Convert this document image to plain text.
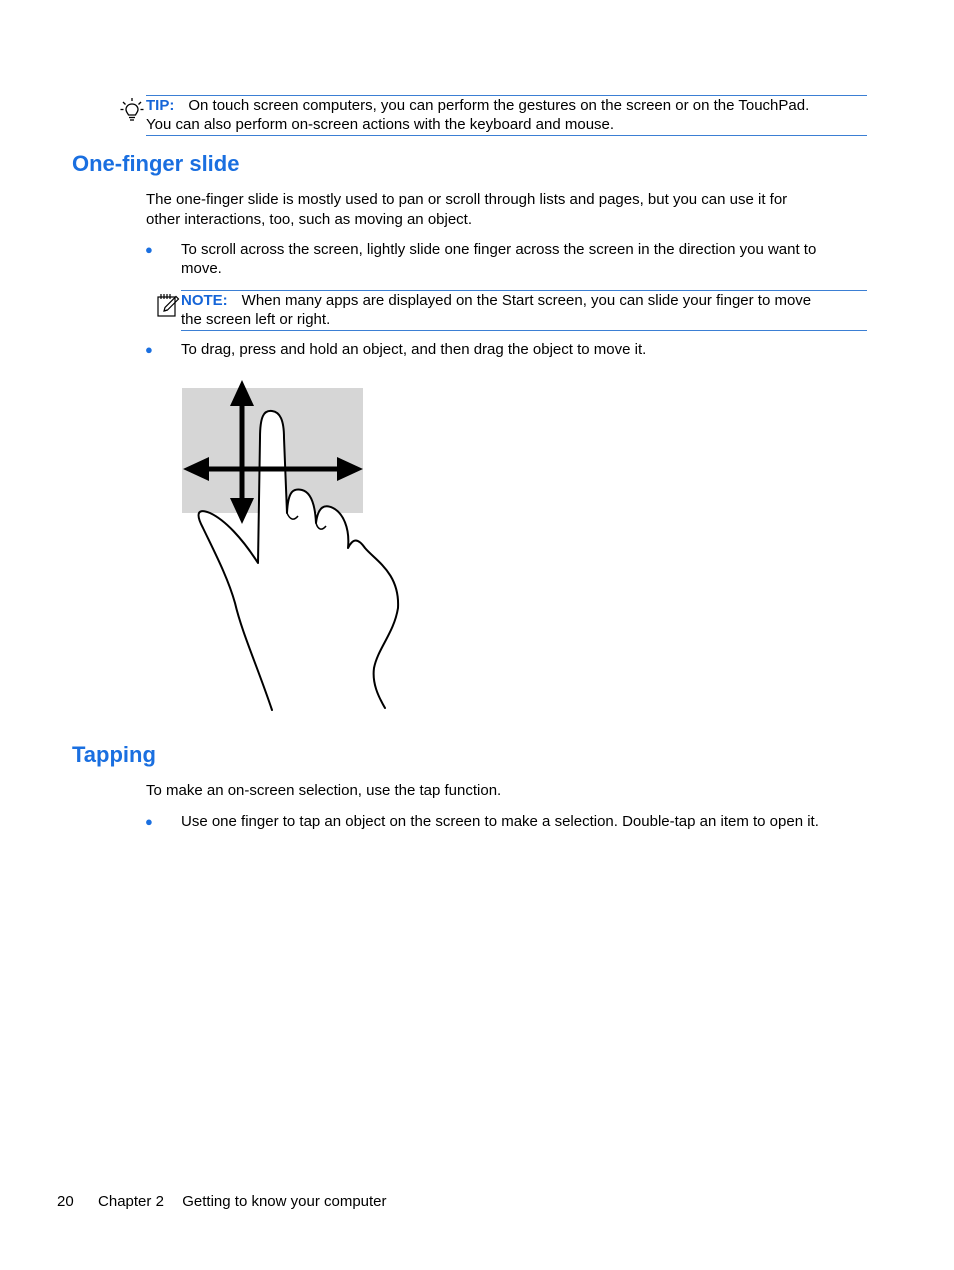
TIP: On touch screen computers, you can perform the gestures on the screen or on the TouchPad.
You can also perform on-screen actions with the keyboard and mouse.
One-finger slide

The one-finger slide is mostly used to pan or scroll through lists and pages, but you can use it for

other interactions, too, such as moving an object.

● To scroll across the screen, lightly slide one finger across the screen in the direction you want to

move.

NOTE: When many apps are displayed on the Start screen, you can slide your finger to move
the screen left or right.
● To drag, press and hold an object, and then drag the object to move it.

Tapping

To make an on-screen selection, use the tap function.

● Use one finger to tap an object on the screen to make a selection. Double-tap an item to open it.

20 Chapter 2 Getting to know your computer
